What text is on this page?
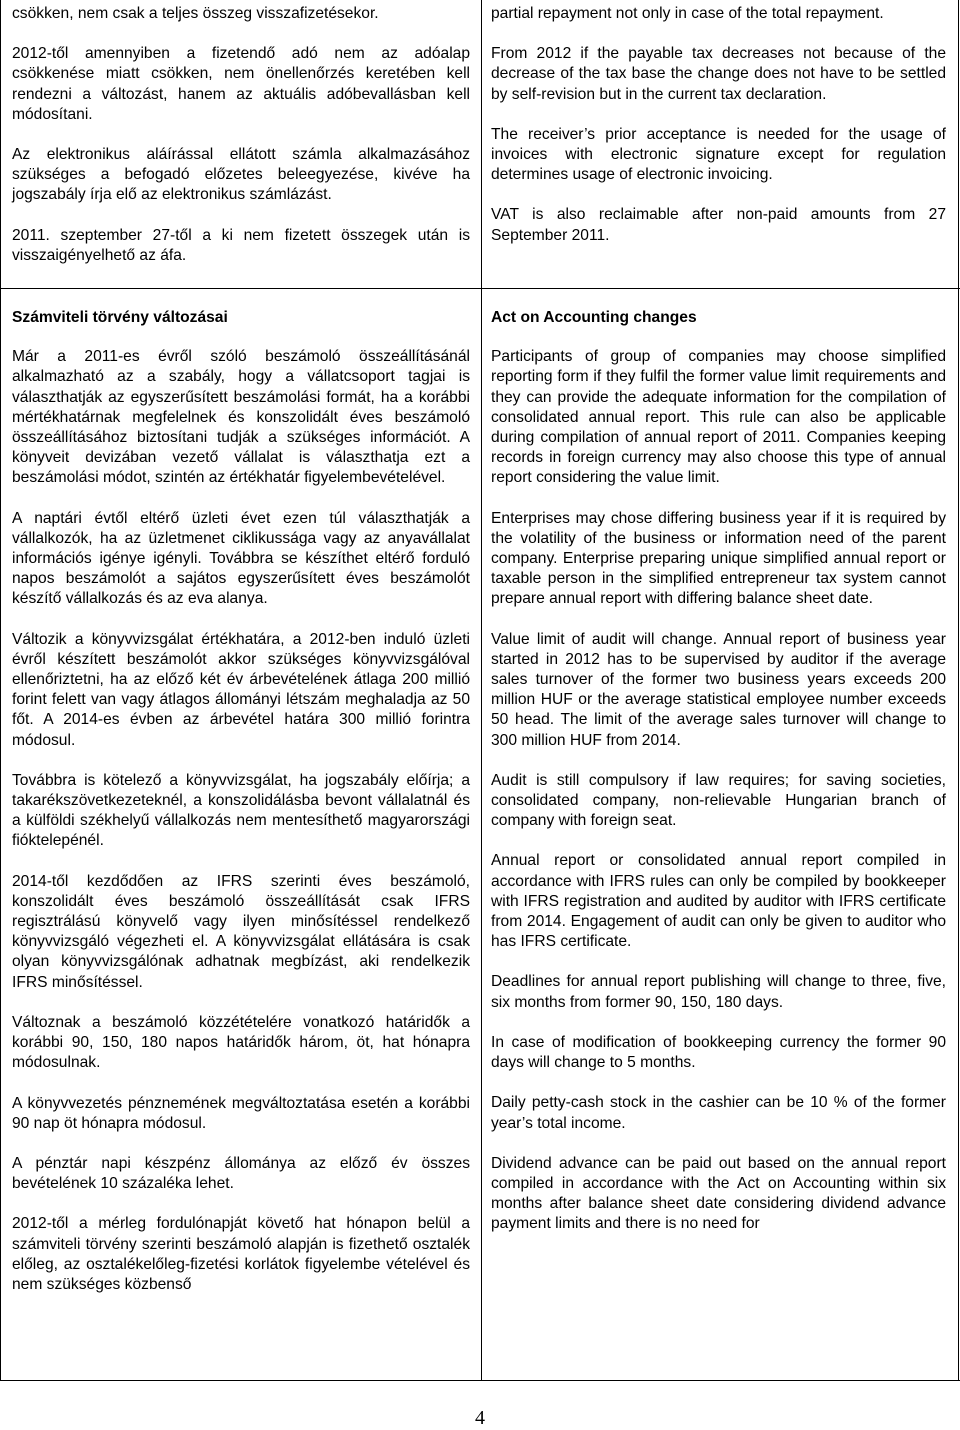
csökken, nem csak a teljes összeg visszafizetésekor.

2012-től amennyiben a fizetendő adó nem az adóalap csökkenése miatt csökken, nem önellenőrzés keretében kell rendezni a változást, hanem az aktuális adóbevallásban kell módosítani.

Az elektronikus aláírással ellátott számla alkalmazásához szükséges a befogadó előzetes beleegyezése, kivéve ha jogszabály írja elő az elektronikus számlázást.

2011. szeptember 27-től a ki nem fizetett összegek után is visszaigényelhető az áfa.

partial repayment not only in case of the total repayment.

From 2012 if the payable tax decreases not because of the decrease of the tax base the change does not have to be settled by self-revision but in the current tax declaration.

The receiver’s prior acceptance is needed for the usage of invoices with electronic signature except for regulation determines usage of electronic invoicing.

VAT is also reclaimable after non-paid amounts from 27 September 2011.

Számviteli törvény változásai

Már a 2011-es évről szóló beszámoló összeállításánál alkalmazható az a szabály, hogy a vállatcsoport tagjai is választhatják az egyszerűsített beszámolási formát, ha a korábbi mértékhatárnak megfelelnek és konszolidált éves beszámoló összeállításához biztosítani tudják a szükséges információt. A könyveit devizában vezető vállalat is választhatja ezt a beszámolási módot, szintén az értékhatár figyelembevételével.

A naptári évtől eltérő üzleti évet ezen túl választhatják a vállalkozók, ha az üzletmenet ciklikussága vagy az anyavállalat információs igénye igényli. Továbbra se készíthet eltérő forduló napos beszámolót a sajátos egyszerűsített éves beszámolót készítő vállalkozás és az eva alanya.

Változik a könyvvizsgálat értékhatára, a 2012-ben induló üzleti évről készített beszámolót akkor szükséges könyvvizsgálóval ellenőriztetni, ha az előző két év árbevételének átlaga 200 millió forint felett van vagy átlagos állományi létszám meghaladja az 50 főt. A 2014-es évben az árbevétel határa 300 millió forintra módosul.

Továbbra is kötelező a könyvvizsgálat, ha jogszabály előírja; a takarékszövetkezeteknél, a konszolidálásba bevont vállalatnál és a külföldi székhelyű vállalkozás nem mentesíthető magyarországi fióktelepénél.

2014-től kezdődően az IFRS szerinti éves beszámoló, konszolidált éves beszámoló összeállítását csak IFRS regisztrálású könyvelő vagy ilyen minősítéssel rendelkező könyvvizsgáló végezheti el. A könyvvizsgálat ellátására is csak olyan könyvvizsgálónak adhatnak megbízást, aki rendelkezik IFRS minősítéssel.

Változnak a beszámoló közzétételére vonatkozó határidők a korábbi 90, 150, 180 napos határidők három, öt, hat hónapra módosulnak.

A könyvvezetés pénznemének megváltoztatása esetén a korábbi 90 nap öt hónapra módosul.

A pénztár napi készpénz állománya az előző év összes bevételének 10 százaléka lehet.

2012-től a mérleg fordulónapját követő hat hónapon belül a számviteli törvény szerinti beszámoló alapján is fizethető osztalék előleg, az osztalékelőleg-fizetési korlátok figyelembe vételével és nem szükséges közbenső

Act on Accounting changes

Participants of group of companies may choose simplified reporting form if they fulfil the former value limit requirements and they can provide the adequate information for the compilation of consolidated annual report. This rule can also be applicable during compilation of annual report of 2011. Companies keeping records in foreign currency may also choose this type of annual report considering the value limit.

Enterprises may chose differing business year if it is required by the volatility of the business or information need of the parent company. Enterprise preparing unique simplified annual report or taxable person in the simplified entrepreneur tax system cannot prepare annual report with differing balance sheet date.

Value limit of audit will change. Annual report of business year started in 2012 has to be supervised by auditor if the average sales turnover of the former two business years exceeds 200 million HUF or the average statistical employee number exceeds 50 head. The limit of the average sales turnover will change to 300 million HUF from 2014.

Audit is still compulsory if law requires; for saving societies, consolidated company, non-relievable Hungarian branch of company with foreign seat.

Annual report or consolidated annual report compiled in accordance with IFRS rules can only be compiled by bookkeeper with IFRS registration and audited by auditor with IFRS certificate from 2014. Engagement of audit can only be given to auditor who has IFRS certificate.

Deadlines for annual report publishing will change to three, five, six months from former 90, 150, 180 days.

In case of modification of bookkeeping currency the former 90 days will change to 5 months.

Daily petty-cash stock in the cashier can be 10 % of the former year’s total income.

Dividend advance can be paid out based on the annual report compiled in accordance with the Act on Accounting within six months after balance sheet date considering dividend advance payment limits and there is no need for

4
